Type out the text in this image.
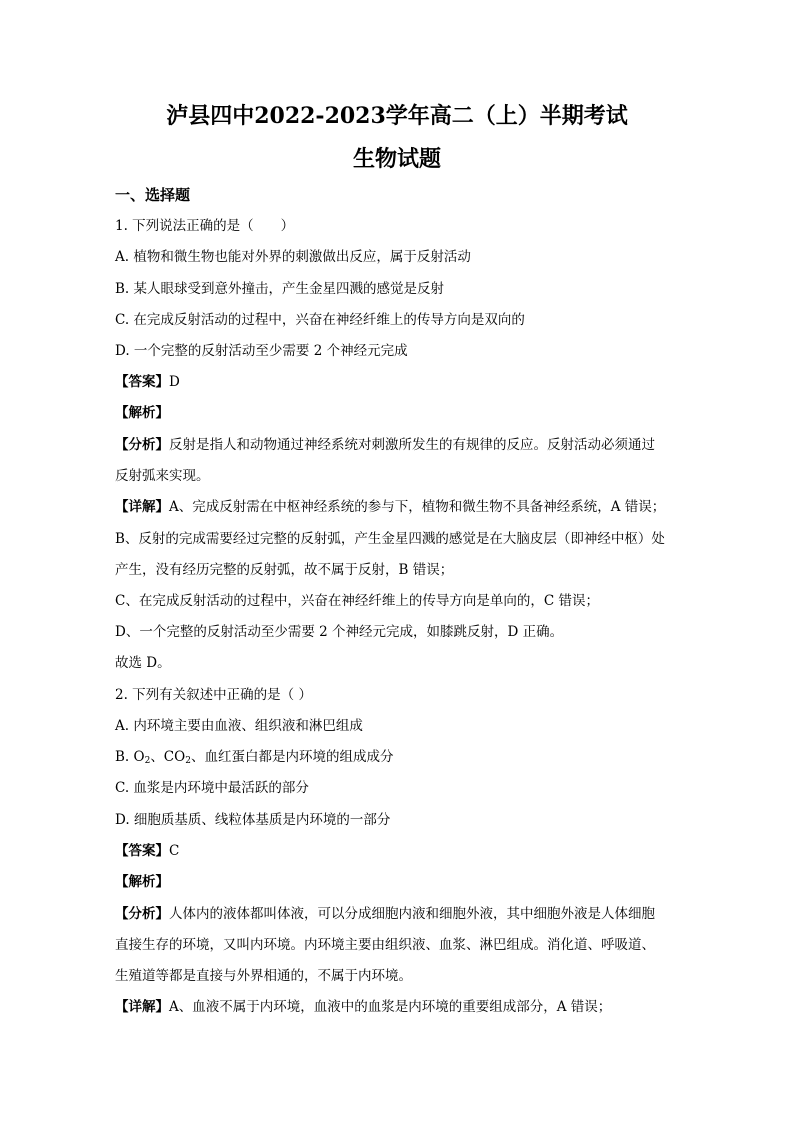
泸县四中2022-2023学年高二（上）半期考试
生物试题
一、选择题
1. 下列说法正确的是（　　）
A. 植物和微生物也能对外界的刺激做出反应，属于反射活动
B. 某人眼球受到意外撞击，产生金星四溅的感觉是反射
C. 在完成反射活动的过程中，兴奋在神经纤维上的传导方向是双向的
D. 一个完整的反射活动至少需要 2 个神经元完成
【答案】D
【解析】
【分析】反射是指人和动物通过神经系统对刺激所发生的有规律的反应。反射活动必须通过
反射弧来实现。
【详解】A、完成反射需在中枢神经系统的参与下，植物和微生物不具备神经系统，A 错误；
B、反射的完成需要经过完整的反射弧，产生金星四溅的感觉是在大脑皮层（即神经中枢）处
产生，没有经历完整的反射弧，故不属于反射，B 错误；
C、在完成反射活动的过程中，兴奋在神经纤维上的传导方向是单向的，C 错误；
D、一个完整的反射活动至少需要 2 个神经元完成，如膝跳反射，D 正确。
故选 D。
2. 下列有关叙述中正确的是（ ）
A. 内环境主要由血液、组织液和淋巴组成
B. $O_2$、$CO_2$、血红蛋白都是内环境的组成成分
C. 血浆是内环境中最活跃的部分
D. 细胞质基质、线粒体基质是内环境的一部分
【答案】C
【解析】
【分析】人体内的液体都叫体液，可以分成细胞内液和细胞外液，其中细胞外液是人体细胞
直接生存的环境，又叫内环境。内环境主要由组织液、血浆、淋巴组成。消化道、呼吸道、
生殖道等都是直接与外界相通的，不属于内环境。
【详解】A、血液不属于内环境，血液中的血浆是内环境的重要组成部分，A 错误；
